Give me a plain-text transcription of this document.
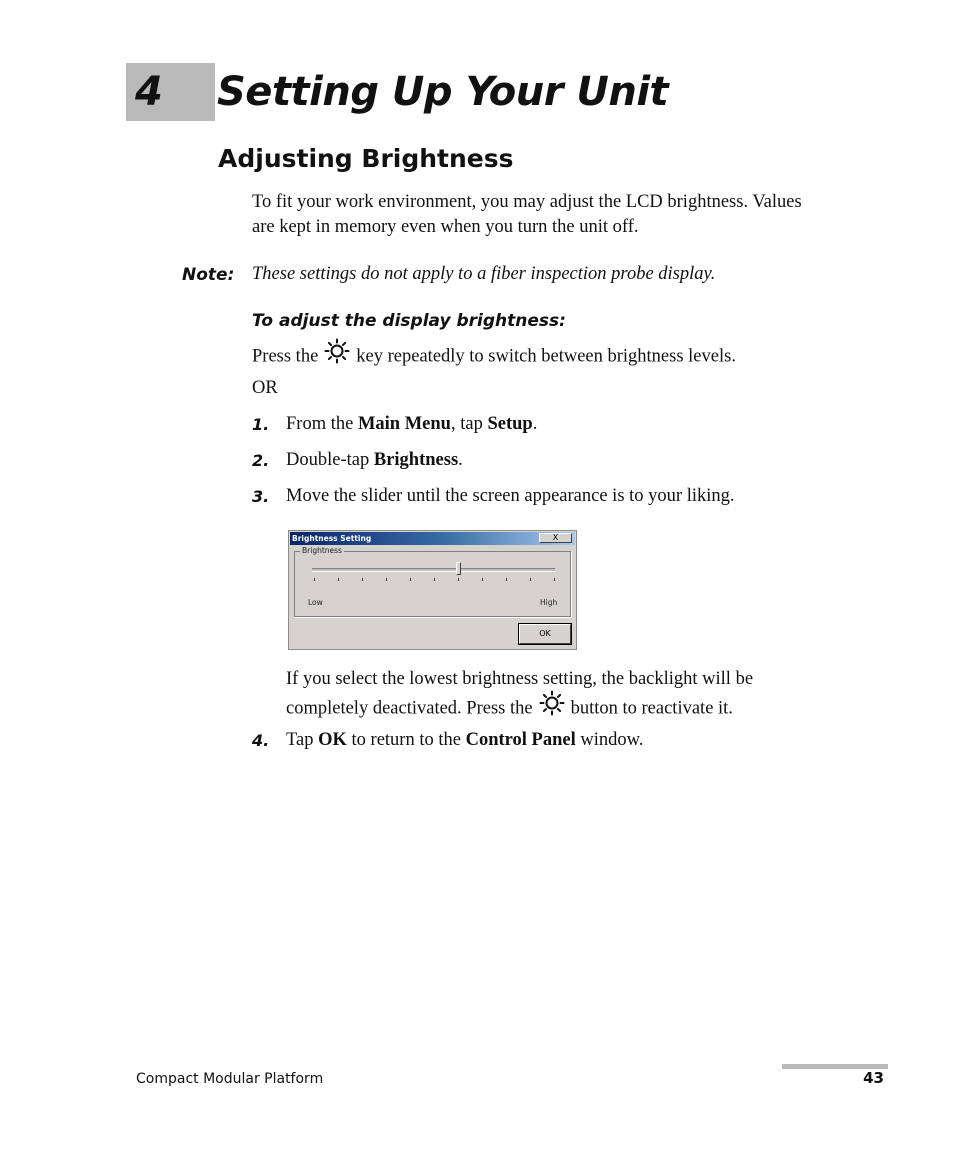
4 Setting Up Your Unit
Adjusting Brightness
To fit your work environment, you may adjust the LCD brightness. Values
are kept in memory even when you turn the unit off.
Note: These settings do not apply to a fiber inspection probe display.
To adjust the display brightness:
Press the key repeatedly to switch between brightness levels.
OR
1. From the Main Menu, tap Setup.
2. Double-tap Brightness.
3. Move the slider until the screen appearance is to your liking.
Brightness Setting	X
Brightness
Low	High
OK
If you select the lowest brightness setting, the backlight will be
completely deactivated. Press the button to reactivate it.
4. Tap OK to return to the Control Panel window.
Compact Modular Platform	43
